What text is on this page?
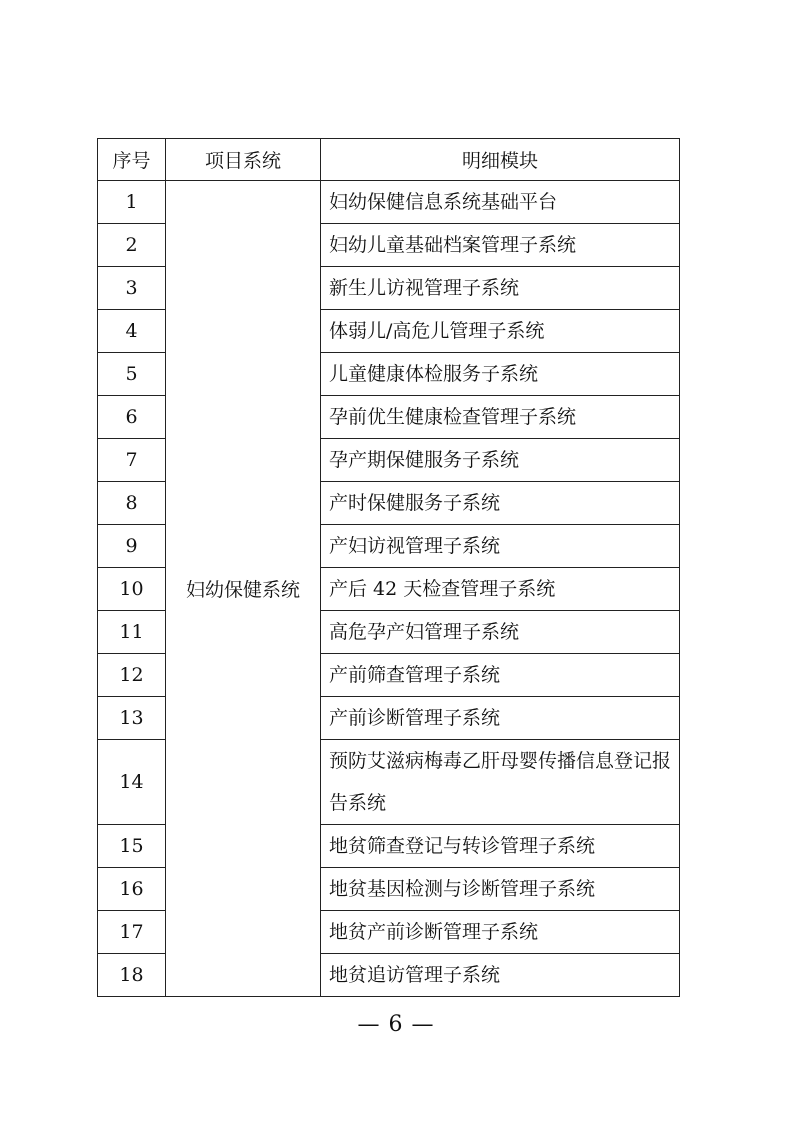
序号	项目系统	明细模块
1	妇幼保健系统	妇幼保健信息系统基础平台
2		妇幼儿童基础档案管理子系统
3		新生儿访视管理子系统
4		体弱儿/高危儿管理子系统
5		儿童健康体检服务子系统
6		孕前优生健康检查管理子系统
7		孕产期保健服务子系统
8		产时保健服务子系统
9		产妇访视管理子系统
10		产后 42 天检查管理子系统
11		高危孕产妇管理子系统
12		产前筛查管理子系统
13		产前诊断管理子系统
14		预防艾滋病梅毒乙肝母婴传播信息登记报告系统
15		地贫筛查登记与转诊管理子系统
16		地贫基因检测与诊断管理子系统
17		地贫产前诊断管理子系统
18		地贫追访管理子系统
— 6 —
